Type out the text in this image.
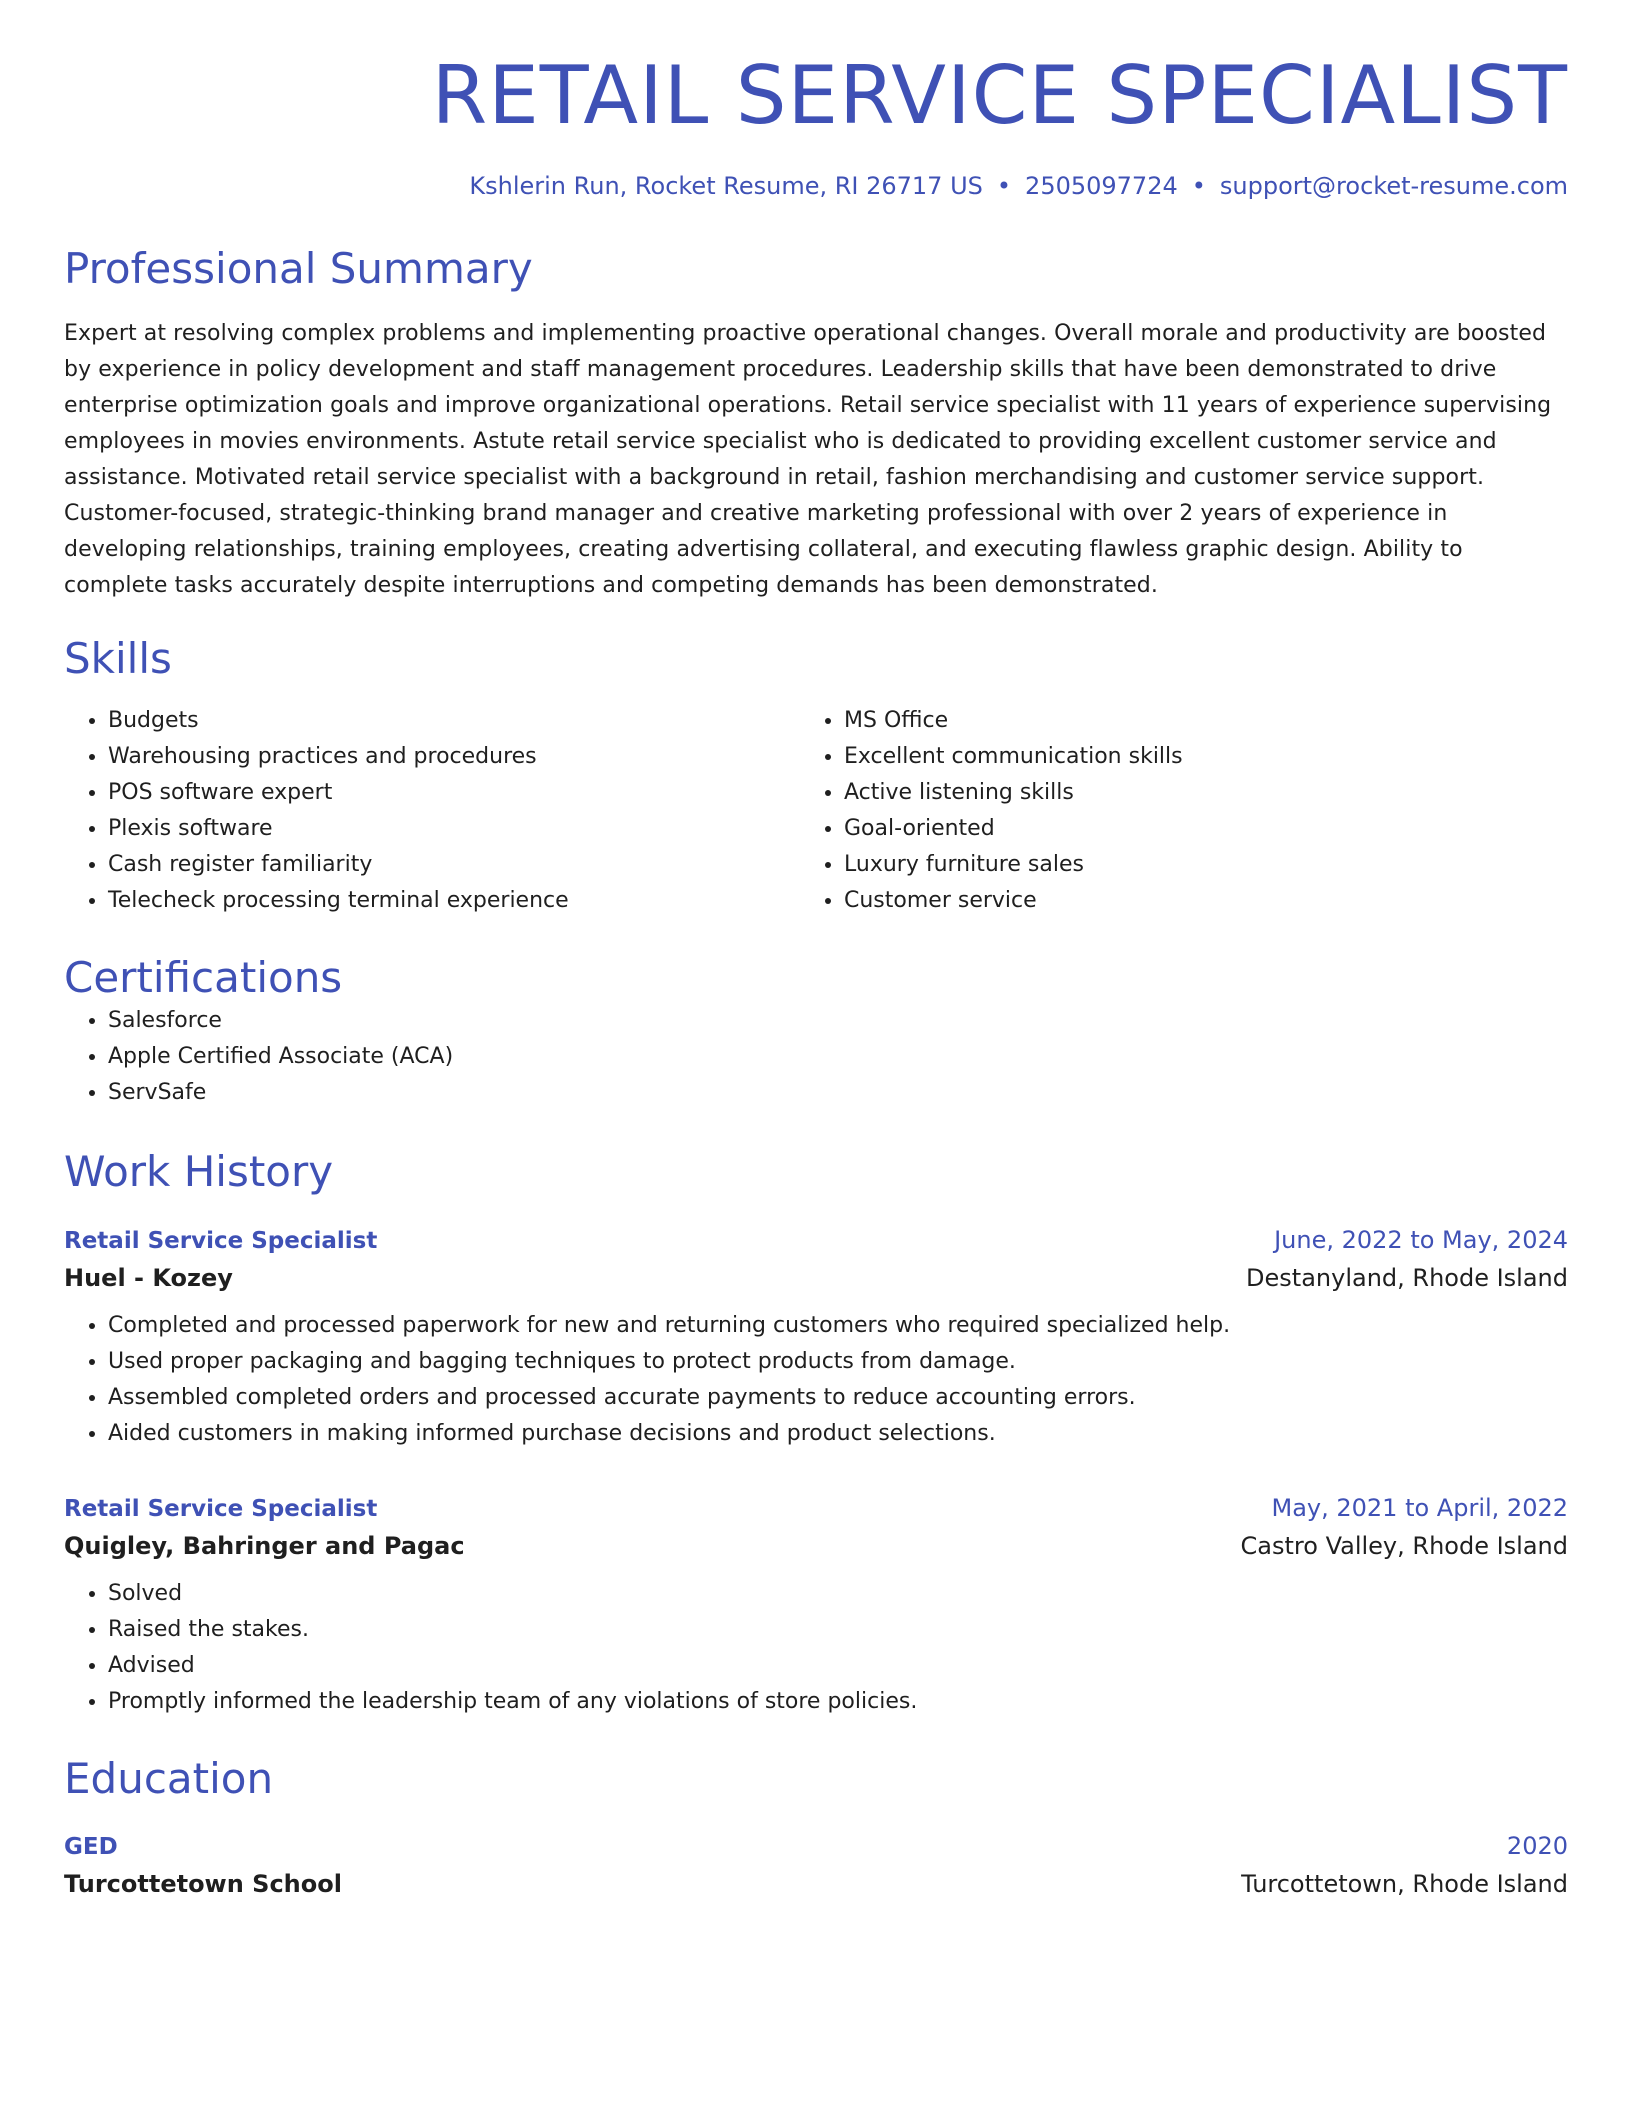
RETAIL SERVICE SPECIALIST
Kshlerin Run, Rocket Resume, RI 26717 US • 2505097724 • support@rocket-resume.com
Professional Summary
Expert at resolving complex problems and implementing proactive operational changes. Overall morale and productivity are boosted by experience in policy development and staff management procedures. Leadership skills that have been demonstrated to drive enterprise optimization goals and improve organizational operations. Retail service specialist with 11 years of experience supervising employees in movies environments. Astute retail service specialist who is dedicated to providing excellent customer service and assistance. Motivated retail service specialist with a background in retail, fashion merchandising and customer service support. Customer-focused, strategic-thinking brand manager and creative marketing professional with over 2 years of experience in developing relationships, training employees, creating advertising collateral, and executing flawless graphic design. Ability to complete tasks accurately despite interruptions and competing demands has been demonstrated.
Skills
• Budgets
• Warehousing practices and procedures
• POS software expert
• Plexis software
• Cash register familiarity
• Telecheck processing terminal experience
• MS Office
• Excellent communication skills
• Active listening skills
• Goal-oriented
• Luxury furniture sales
• Customer service
Certifications
• Salesforce
• Apple Certified Associate (ACA)
• ServSafe
Work History
Retail Service Specialist	June, 2022 to May, 2024
Huel - Kozey	Destanyland, Rhode Island
• Completed and processed paperwork for new and returning customers who required specialized help.
• Used proper packaging and bagging techniques to protect products from damage.
• Assembled completed orders and processed accurate payments to reduce accounting errors.
• Aided customers in making informed purchase decisions and product selections.
Retail Service Specialist	May, 2021 to April, 2022
Quigley, Bahringer and Pagac	Castro Valley, Rhode Island
• Solved
• Raised the stakes.
• Advised
• Promptly informed the leadership team of any violations of store policies.
Education
GED	2020
Turcottetown School	Turcottetown, Rhode Island
